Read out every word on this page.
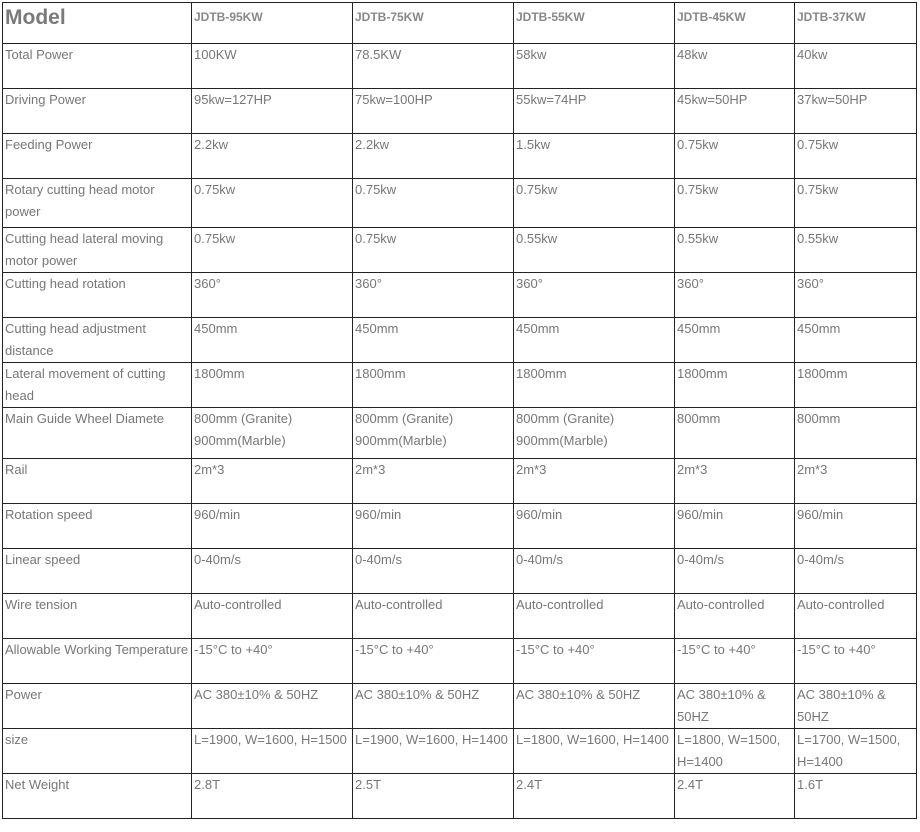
Model	JDTB-95KW	JDTB-75KW	JDTB-55KW	JDTB-45KW	JDTB-37KW
Total Power	100KW	78.5KW	58kw	48kw	40kw
Driving Power	95kw=127HP	75kw=100HP	55kw=74HP	45kw=50HP	37kw=50HP
Feeding Power	2.2kw	2.2kw	1.5kw	0.75kw	0.75kw
Rotary cutting head motor power	0.75kw	0.75kw	0.75kw	0.75kw	0.75kw
Cutting head lateral moving motor power	0.75kw	0.75kw	0.55kw	0.55kw	0.55kw
Cutting head rotation	360°	360°	360°	360°	360°
Cutting head adjustment distance	450mm	450mm	450mm	450mm	450mm
Lateral movement of cutting head	1800mm	1800mm	1800mm	1800mm	1800mm
Main Guide Wheel Diamete	800mm (Granite) 900mm(Marble)	800mm (Granite) 900mm(Marble)	800mm (Granite) 900mm(Marble)	800mm	800mm
Rail	2m*3	2m*3	2m*3	2m*3	2m*3
Rotation speed	960/min	960/min	960/min	960/min	960/min
Linear speed	0-40m/s	0-40m/s	0-40m/s	0-40m/s	0-40m/s
Wire tension	Auto-controlled	Auto-controlled	Auto-controlled	Auto-controlled	Auto-controlled
Allowable Working Temperature	-15°C to +40°	-15°C to +40°	-15°C to +40°	-15°C to +40°	-15°C to +40°
Power	AC 380±10% & 50HZ	AC 380±10% & 50HZ	AC 380±10% & 50HZ	AC 380±10% & 50HZ	AC 380±10% & 50HZ
size	L=1900, W=1600, H=1500	L=1900, W=1600, H=1400	L=1800, W=1600, H=1400	L=1800, W=1500, H=1400	L=1700, W=1500, H=1400
Net Weight	2.8T	2.5T	2.4T	2.4T	1.6T
